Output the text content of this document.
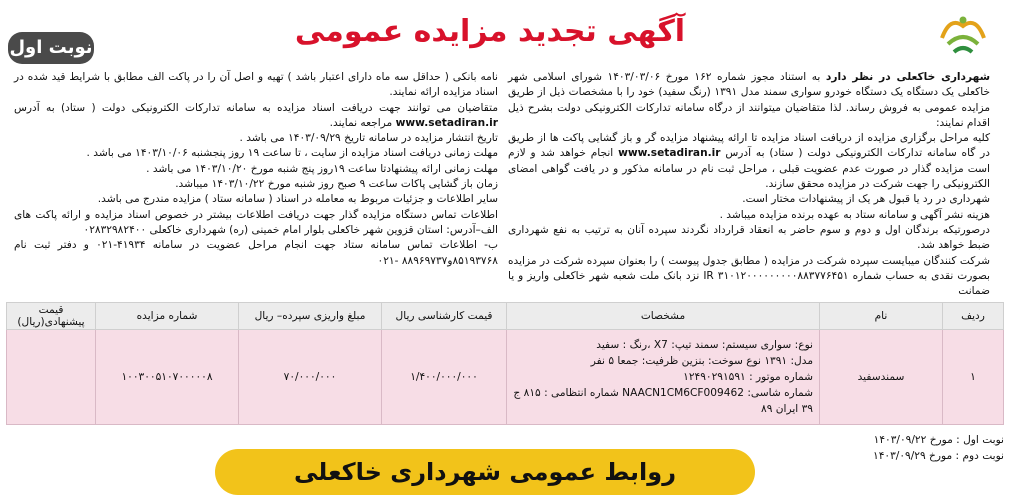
آگهی تجدید مزایده عمومی
نوبت اول

شهرداری خاکعلی در نظر دارد به استناد مجوز شماره ۱۶۲ مورخ ۱۴۰۳/۰۳/۰۶ شورای اسلامی شهر خاکعلی یک دستگاه یک دستگاه خودرو سواری سمند مدل ۱۳۹۱ (رنگ سفید) خود را با مشخصات ذیل از طریق مزایده عمومی به فروش رساند. لذا متقاضیان میتوانند از درگاه سامانه تدارکات الکترونیکی دولت بشرح ذیل اقدام نمایند:

کلیه مراحل برگزاری مزایده از دریافت اسناد مزایده تا ارائه پیشنهاد مزایده گر و باز گشایی پاکت ها از طریق در گاه سامانه تدارکات الکترونیکی دولت ( ستاد) به آدرس www.setadiran.ir انجام خواهد شد و لازم است مزایده گذار در صورت عدم عضویت قبلی ، مراحل ثبت نام در سامانه مذکور و در یافت گواهی امضای الکترونیکی را جهت شرکت در مزایده محقق سازند.

شهرداری در رد یا قبول هر یک از پیشنهادات مختار است.

هزینه نشر آگهی و سامانه ستاد به عهده برنده مزایده میباشد .

درصورتیکه برندگان اول و دوم و سوم حاضر به انعقاد قرارداد نگردند سپرده آنان به ترتیب به نفع شهرداری ضبط خواهد شد.

شرکت کنندگان میبایست سپرده شرکت در مزایده ( مطابق جدول پیوست ) را بعنوان سپرده شرکت در مزایده بصورت نقدی به حساب شماره IR ۳۱۰۱۲۰۰۰۰۰۰۰۰۰۸۸۳۷۷۶۴۵۱ نزد بانک ملت شعبه شهر خاکعلی واریز و یا ضمانت

نامه بانکی ( حداقل سه ماه دارای اعتبار باشد ) تهیه و اصل آن را در پاکت الف مطابق با شرایط قید شده در اسناد مزایده ارائه نمایند.

متقاضیان می توانند جهت دریافت اسناد مزایده به سامانه تدارکات الکترونیکی دولت ( ستاد) به آدرس www.setadiran.ir مراجعه نمایند.

تاریخ انتشار مزایده در سامانه تاریخ ۱۴۰۳/۰۹/۲۹ می باشد .

مهلت زمانی دریافت اسناد مزایده از سایت ، تا ساعت ۱۹ روز پنجشنبه ۱۴۰۳/۱۰/۰۶ می باشد .

مهلت زمانی ارائه پیشنهادتا ساعت ۱۹روز پنج شنبه مورخ ۱۴۰۳/۱۰/۲۰ می باشد .

زمان باز گشایی پاکات ساعت ۹ صبح روز شنبه مورخ ۱۴۰۳/۱۰/۲۲ میباشد.

سایر اطلاعات و جزئیات مربوط به معامله در اسناد ( سامانه ستاد ) مزایده مندرج می باشد.

اطلاعات تماس دستگاه مزایده گذار جهت دریافت اطلاعات بیشتر در خصوص اسناد مزایده و ارائه پاکت های الف–آدرس: استان قزوین شهر خاکعلی بلوار امام خمینی (ره) شهرداری خاکعلی ۰۲۸۳۲۹۸۲۴۰۰

ب- اطلاعات تماس سامانه ستاد جهت انجام مراحل عضویت در سامانه ۴۱۹۳۴-۰۲۱ و دفتر ثبت نام ۸۵۱۹۳۷۶۸و۸۸۹۶۹۷۳۷ -۰۲۱

ردیف	نام	مشخصات	قیمت کارشناسی ریال	مبلغ واریزی سپرده– ریال	شماره مزایده	قیمت پیشنهادی(ریال)
۱	سمندسفید	نوع: سواری سیستم: سمند تیپ: X7 ،رنگ : سفید
مدل: ۱۳۹۱ نوع سوخت: بنزین ظرفیت: جمعا ۵ نفر
شماره موتور : ۱۲۴۹۰۲۹۱۵۹۱
شماره شاسی: NAACN1CM6CF009462 شماره انتظامی : ۸۱۵ ج ۳۹ ایران ۸۹	۱/۴۰۰/۰۰۰/۰۰۰	۷۰/۰۰۰/۰۰۰	۱۰۰۳۰۰۵۱۰۷۰۰۰۰۰۸	
نوبت اول : مورخ ۱۴۰۳/۰۹/۲۲
نوبت دوم : مورخ ۱۴۰۳/۰۹/۲۹
روابط عمومی شهرداری خاکعلی
